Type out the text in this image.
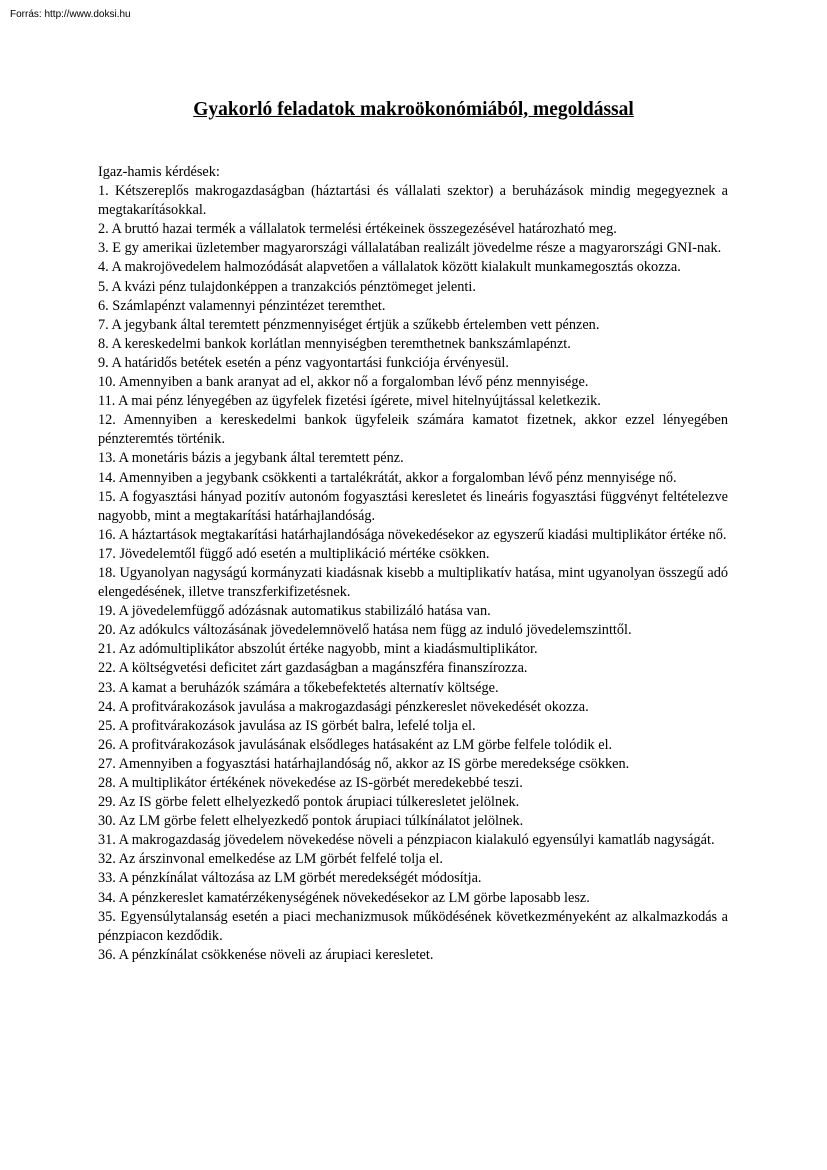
Forrás: http://www.doksi.hu
Gyakorló feladatok makroökonómiából, megoldással

Igaz-hamis kérdések:

1. Kétszereplős makrogazdaságban (háztartási és vállalati szektor) a beruházások mindig megegyeznek a megtakarításokkal.

2. A bruttó hazai termék a vállalatok termelési értékeinek összegezésével határozható meg.

3. E gy amerikai üzletember magyarországi vállalatában realizált jövedelme része a magyarországi GNI-nak.

4. A makrojövedelem halmozódását alapvetően a vállalatok között kialakult munkamegosztás okozza.

5. A kvázi pénz tulajdonképpen a tranzakciós pénztömeget jelenti.

6. Számlapénzt valamennyi pénzintézet teremthet.

7. A jegybank által teremtett pénzmennyiséget értjük a szűkebb értelemben vett pénzen.

8. A kereskedelmi bankok korlátlan mennyiségben teremthetnek bankszámlapénzt.

9. A határidős betétek esetén a pénz vagyontartási funkciója érvényesül.

10. Amennyiben a bank aranyat ad el, akkor nő a forgalomban lévő pénz mennyisége.

11. A mai pénz lényegében az ügyfelek fizetési ígérete, mivel hitelnyújtással keletkezik.

12. Amennyiben a kereskedelmi bankok ügyfeleik számára kamatot fizetnek, akkor ezzel lényegében pénzteremtés történik.

13. A monetáris bázis a jegybank által teremtett pénz.

14. Amennyiben a jegybank csökkenti a tartalékrátát, akkor a forgalomban lévő pénz mennyisége nő.

15. A fogyasztási hányad pozitív autonóm fogyasztási keresletet és lineáris fogyasztási függvényt feltételezve nagyobb, mint a megtakarítási határhajlandóság.

16. A háztartások megtakarítási határhajlandósága növekedésekor az egyszerű kiadási multiplikátor értéke nő.

17. Jövedelemtől függő adó esetén a multiplikáció mértéke csökken.

18. Ugyanolyan nagyságú kormányzati kiadásnak kisebb a multiplikatív hatása, mint ugyanolyan összegű adó elengedésének, illetve transzferkifizetésnek.

19. A jövedelemfüggő adózásnak automatikus stabilizáló hatása van.

20. Az adókulcs változásának jövedelemnövelő hatása nem függ az induló jövedelemszinttől.

21. Az adómultiplikátor abszolút értéke nagyobb, mint a kiadásmultiplikátor.

22. A költségvetési deficitet zárt gazdaságban a magánszféra finanszírozza.

23. A kamat a beruházók számára a tőkebefektetés alternatív költsége.

24. A profitvárakozások javulása a makrogazdasági pénzkereslet növekedését okozza.

25. A profitvárakozások javulása az IS görbét balra, lefelé tolja el.

26. A profitvárakozások javulásának elsődleges hatásaként az LM görbe felfele tolódik el.

27. Amennyiben a fogyasztási határhajlandóság nő, akkor az IS görbe meredeksége csökken.

28. A multiplikátor értékének növekedése az IS-görbét meredekebbé teszi.

29. Az IS görbe felett elhelyezkedő pontok árupiaci túlkeresletet jelölnek.

30. Az LM görbe felett elhelyezkedő pontok árupiaci túlkínálatot jelölnek.

31. A makrogazdaság jövedelem növekedése növeli a pénzpiacon kialakuló egyensúlyi kamatláb nagyságát.

32. Az árszinvonal emelkedése az LM görbét felfelé tolja el.

33. A pénzkínálat változása az LM görbét meredekségét módosítja.

34. A pénzkereslet kamatérzékenységének növekedésekor az LM görbe laposabb lesz.

35. Egyensúlytalanság esetén a piaci mechanizmusok működésének következményeként az alkalmazkodás a pénzpiacon kezdődik.

36. A pénzkínálat csökkenése növeli az árupiaci keresletet.
